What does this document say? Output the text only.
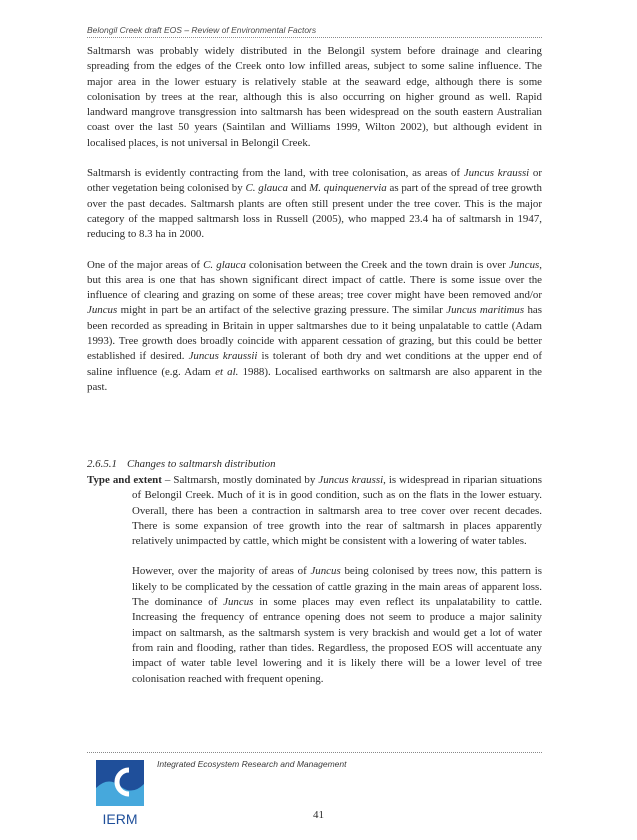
Belongil Creek draft EOS – Review of Environmental Factors

Saltmarsh was probably widely distributed in the Belongil system before drainage and clearing spreading from the edges of the Creek onto low infilled areas, subject to some saline influence. The major area in the lower estuary is relatively stable at the seaward edge, although there is some colonisation by trees at the rear, although this is also occurring on higher ground as well. Rapid landward mangrove transgression into saltmarsh has been widespread on the south eastern Australian coast over the last 50 years (Saintilan and Williams 1999, Wilton 2002), but although evident in localised places, is not universal in Belongil Creek.

Saltmarsh is evidently contracting from the land, with tree colonisation, as areas of Juncus kraussi or other vegetation being colonised by C. glauca and M. quinquenervia as part of the spread of tree growth over the past decades. Saltmarsh plants are often still present under the tree cover. This is the major category of the mapped saltmarsh loss in Russell (2005), who mapped 23.4 ha of saltmarsh in 1947, reducing to 8.3 ha in 2000.

One of the major areas of C. glauca colonisation between the Creek and the town drain is over Juncus, but this area is one that has shown significant direct impact of cattle. There is some issue over the influence of clearing and grazing on some of these areas; tree cover might have been removed and/or Juncus might in part be an artifact of the selective grazing pressure. The similar Juncus maritimus has been recorded as spreading in Britain in upper saltmarshes due to it being unpalatable to cattle (Adam 1993). Tree growth does broadly coincide with apparent cessation of grazing, but this could be better established if desired. Juncus kraussii is tolerant of both dry and wet conditions at the upper end of saline influence (e.g. Adam et al. 1988). Localised earthworks on saltmarsh are also apparent in the past.

2.6.5.1 Changes to saltmarsh distribution

Type and extent – Saltmarsh, mostly dominated by Juncus kraussi, is widespread in riparian situations of Belongil Creek. Much of it is in good condition, such as on the flats in the lower estuary. Overall, there has been a contraction in saltmarsh area to tree cover over recent decades. There is some expansion of tree growth into the rear of saltmarsh in places apparently relatively unimpacted by cattle, which might be consistent with a lowering of water tables.

However, over the majority of areas of Juncus being colonised by trees now, this pattern is likely to be complicated by the cessation of cattle grazing in the main areas of apparent loss. The dominance of Juncus in some places may even reflect its unpalatability to cattle. Increasing the frequency of entrance opening does not seem to produce a major salinity impact on saltmarsh, as the saltmarsh system is very brackish and would get a lot of water from rain and flooding, rather than tides. Regardless, the proposed EOS will accentuate any impact of water table level lowering and it is likely there will be a lower level of tree colonisation reached with frequent opening.

IERM
Integrated Ecosystem Research and Management
41
